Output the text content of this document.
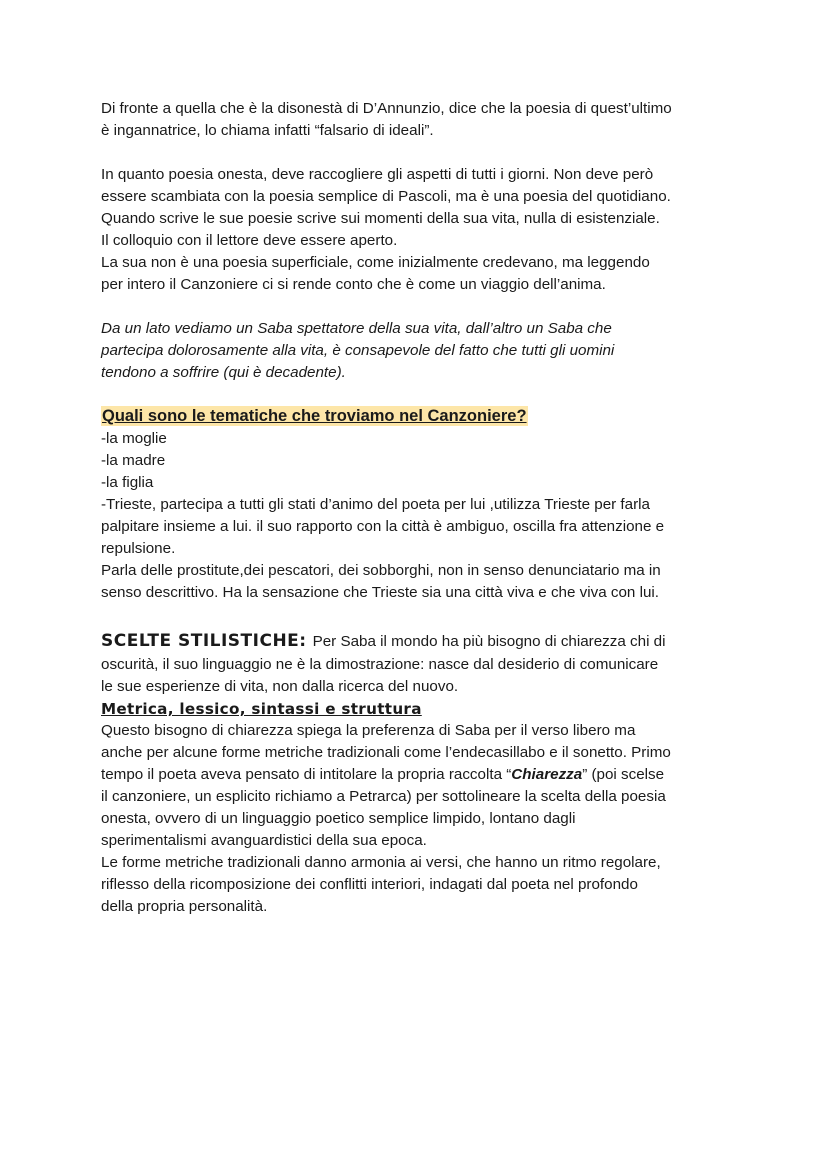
Di fronte a quella che è la disonestà di D’Annunzio, dice che la poesia di quest’ultimo
è ingannatrice, lo chiama infatti “falsario di ideali”.
In quanto poesia onesta, deve raccogliere gli aspetti di tutti i giorni. Non deve però
essere scambiata con la poesia semplice di Pascoli, ma è una poesia del quotidiano.
Quando scrive le sue poesie scrive sui momenti della sua vita, nulla di esistenziale.
Il colloquio con il lettore deve essere aperto.
La sua non è una poesia superficiale, come inizialmente credevano, ma leggendo
per intero il Canzoniere ci si rende conto che è come un viaggio dell’anima.
Da un lato vediamo un Saba spettatore della sua vita, dall’altro un Saba che
partecipa dolorosamente alla vita, è consapevole del fatto che tutti gli uomini
tendono a soffrire (qui è decadente).
Quali sono le tematiche che troviamo nel Canzoniere?
-la moglie
-la madre
-la figlia
-Trieste, partecipa a tutti gli stati d’animo del poeta per lui ,utilizza Trieste per farla
palpitare insieme a lui. il suo rapporto con la città è ambiguo, oscilla fra attenzione e
repulsione.
Parla delle prostitute,dei pescatori, dei sobborghi, non in senso denunciatario ma in
senso descrittivo. Ha la sensazione che Trieste sia una città viva e che viva con lui.
SCELTE STILISTICHE: Per Saba il mondo ha più bisogno di chiarezza chi di
oscurità, il suo linguaggio ne è la dimostrazione: nasce dal desiderio di comunicare
le sue esperienze di vita, non dalla ricerca del nuovo.
Metrica, lessico, sintassi e struttura
Questo bisogno di chiarezza spiega la preferenza di Saba per il verso libero ma
anche per alcune forme metriche tradizionali come l’endecasillabo e il sonetto. Primo
tempo il poeta aveva pensato di intitolare la propria raccolta “Chiarezza” (poi scelse
il canzoniere, un esplicito richiamo a Petrarca) per sottolineare la scelta della poesia
onesta, ovvero di un linguaggio poetico semplice limpido, lontano dagli
sperimentalismi avanguardistici della sua epoca.
Le forme metriche tradizionali danno armonia ai versi, che hanno un ritmo regolare,
riflesso della ricomposizione dei conflitti interiori, indagati dal poeta nel profondo
della propria personalità.
